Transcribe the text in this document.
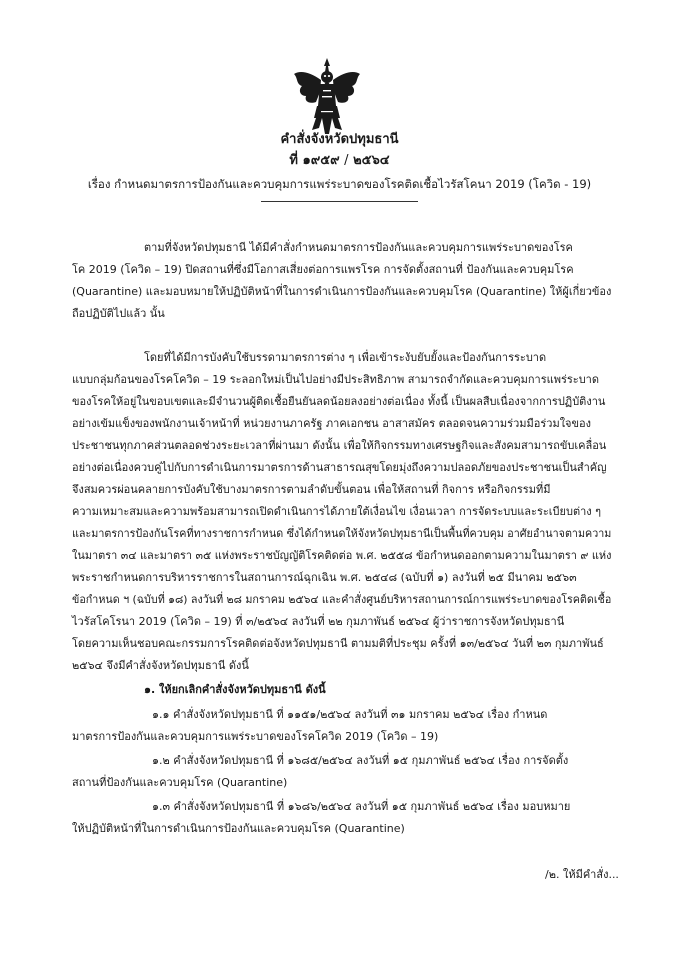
คำสั่งจังหวัดปทุมธานี
ที่ ๑๙๕๙ / ๒๕๖๔
เรื่อง กำหนดมาตรการป้องกันและควบคุมการแพร่ระบาดของโรคติดเชื้อไวรัสโคนา 2019 (โควิด - 19)
ตามที่จังหวัดปทุมธานี ได้มีคำสั่งกำหนดมาตรการป้องกันและควบคุมการแพร่ระบาดของโรค
โค 2019 (โควิด – 19) ปิดสถานที่ซึ่งมีโอกาสเสี่ยงต่อการแพรโรค การจัดตั้งสถานที่ ป้องกันและควบคุมโรค
(Quarantine) และมอบหมายให้ปฏิบัติหน้าที่ในการดำเนินการป้องกันและควบคุมโรค (Quarantine) ให้ผู้เกี่ยวข้อง
ถือปฏิบัติไปแล้ว นั้น
โดยที่ได้มีการบังคับใช้บรรดามาตรการต่าง ๆ เพื่อเข้าระงับยับยั้งและป้องกันการระบาด
แบบกลุ่มก้อนของโรคโควิด – 19 ระลอกใหม่เป็นไปอย่างมีประสิทธิภาพ สามารถจำกัดและควบคุมการแพร่ระบาด
ของโรคให้อยู่ในขอบเขตและมีจำนวนผู้ติดเชื้อยืนยันลดน้อยลงอย่างต่อเนื่อง ทั้งนี้ เป็นผลสืบเนื่องจากการปฏิบัติงาน
อย่างเข้มแข็งของพนักงานเจ้าหน้าที่ หน่วยงานภาครัฐ ภาคเอกชน อาสาสมัคร ตลอดจนความร่วมมือร่วมใจของ
ประชาชนทุกภาคส่วนตลอดช่วงระยะเวลาที่ผ่านมา ดังนั้น เพื่อให้กิจกรรมทางเศรษฐกิจและสังคมสามารถขับเคลื่อน
อย่างต่อเนื่องควบคู่ไปกับการดำเนินการมาตรการด้านสาธารณสุขโดยมุ่งถึงความปลอดภัยของประชาชนเป็นสำคัญ
จึงสมควรผ่อนคลายการบังคับใช้บางมาตรการตามลำดับขั้นตอน เพื่อให้สถานที่ กิจการ หรือกิจกรรมที่มี
ความเหมาะสมและความพร้อมสามารถเปิดดำเนินการได้ภายใต้เงื่อนไข เงื่อนเวลา การจัดระบบและระเบียบต่าง ๆ
และมาตรการป้องกันโรคที่ทางราชการกำหนด ซึ่งได้กำหนดให้จังหวัดปทุมธานีเป็นพื้นที่ควบคุม อาศัยอำนาจตามความ
ในมาตรา ๓๔ และมาตรา ๓๕ แห่งพระราชบัญญัติโรคติดต่อ พ.ศ. ๒๕๕๘ ข้อกำหนดออกตามความในมาตรา ๙ แห่ง
พระราชกำหนดการบริหารราชการในสถานการณ์ฉุกเฉิน พ.ศ. ๒๕๔๘ (ฉบับที่ ๑) ลงวันที่ ๒๕ มีนาคม ๒๕๖๓
ข้อกำหนด ฯ (ฉบับที่ ๑๘) ลงวันที่ ๒๘ มกราคม ๒๕๖๔ และคำสั่งศูนย์บริหารสถานการณ์การแพร่ระบาดของโรคติดเชื้อ
ไวรัสโคโรนา 2019 (โควิด – 19) ที่ ๓/๒๕๖๔ ลงวันที่ ๒๒ กุมภาพันธ์ ๒๕๖๔ ผู้ว่าราชการจังหวัดปทุมธานี
โดยความเห็นชอบคณะกรรมการโรคติดต่อจังหวัดปทุมธานี ตามมติที่ประชุม ครั้งที่ ๑๓/๒๕๖๔ วันที่ ๒๓ กุมภาพันธ์
๒๕๖๔ จึงมีคำสั่งจังหวัดปทุมธานี ดังนี้
๑. ให้ยกเลิกคำสั่งจังหวัดปทุมธานี ดังนี้
๑.๑ คำสั่งจังหวัดปทุมธานี ที่ ๑๑๕๑/๒๕๖๔ ลงวันที่ ๓๑ มกราคม ๒๕๖๔ เรื่อง กำหนด
มาตรการป้องกันและควบคุมการแพร่ระบาดของโรคโควิด 2019 (โควิด – 19)
๑.๒ คำสั่งจังหวัดปทุมธานี ที่ ๑๖๘๕/๒๕๖๔ ลงวันที่ ๑๕ กุมภาพันธ์ ๒๕๖๔ เรื่อง การจัดตั้ง
สถานที่ป้องกันและควบคุมโรค (Quarantine)
๑.๓ คำสั่งจังหวัดปทุมธานี ที่ ๑๖๘๖/๒๕๖๔ ลงวันที่ ๑๕ กุมภาพันธ์ ๒๕๖๔ เรื่อง มอบหมาย
ให้ปฏิบัติหน้าที่ในการดำเนินการป้องกันและควบคุมโรค (Quarantine)
/๒. ให้มีคำสั่ง...
